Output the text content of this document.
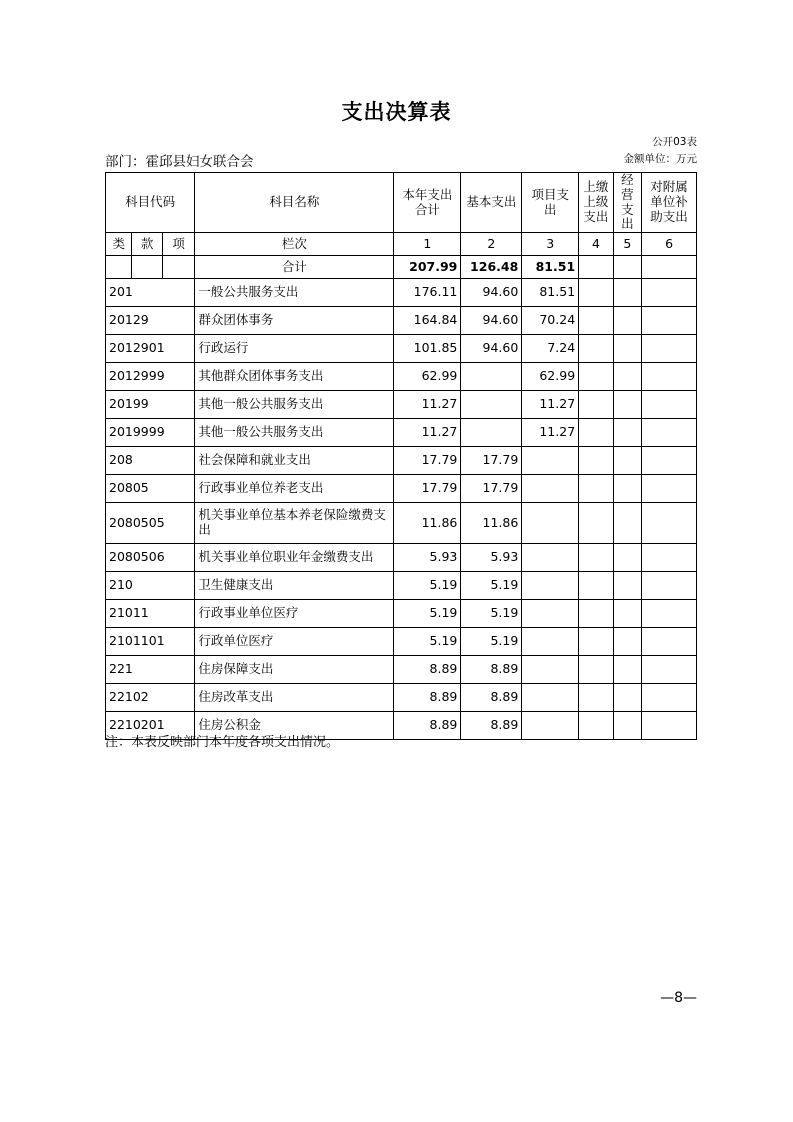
支出决算表
公开03表
金额单位：万元
部门：霍邱县妇女联合会
科目代码			科目名称	本年支出合计	基本支出	项目支出	上缴上级支出	经营支出	对附属单位补助支出
类	款	项	栏次	1	2	3	4	5	6
			合计	207.99	126.48	81.51			
201			一般公共服务支出	176.11	94.60	81.51			
20129			群众团体事务	164.84	94.60	70.24			
2012901			行政运行	101.85	94.60	7.24			
2012999			其他群众团体事务支出	62.99		62.99			
20199			其他一般公共服务支出	11.27		11.27			
2019999			其他一般公共服务支出	11.27		11.27			
208			社会保障和就业支出	17.79	17.79				
20805			行政事业单位养老支出	17.79	17.79				
2080505			机关事业单位基本养老保险缴费支出	11.86	11.86				
2080506			机关事业单位职业年金缴费支出	5.93	5.93				
210			卫生健康支出	5.19	5.19				
21011			行政事业单位医疗	5.19	5.19				
2101101			行政单位医疗	5.19	5.19				
221			住房保障支出	8.89	8.89				
22102			住房改革支出	8.89	8.89				
2210201			住房公积金	8.89	8.89				
注：本表反映部门本年度各项支出情况。
—8—
